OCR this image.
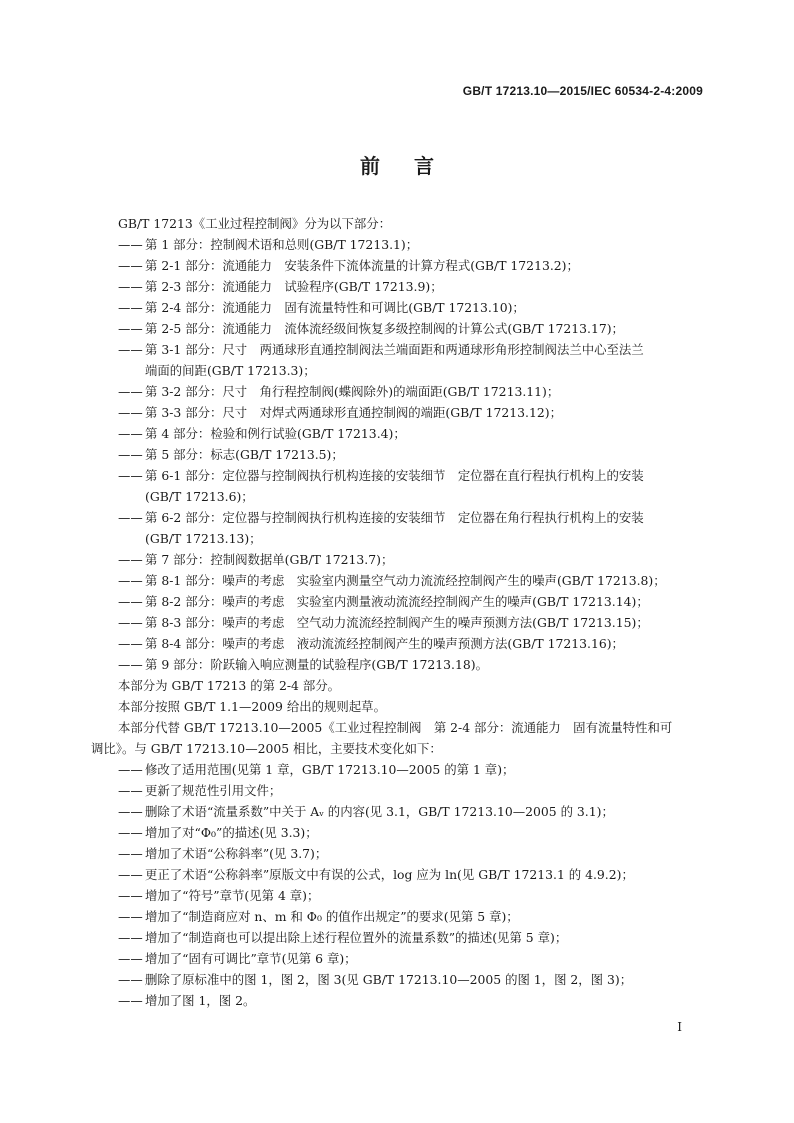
GB/T 17213.10—2015/IEC 60534-2-4:2009
前言

GB/T 17213《工业过程控制阀》分为以下部分：

—— 第 1 部分：控制阀术语和总则(GB/T 17213.1)；

—— 第 2-1 部分：流通能力　安装条件下流体流量的计算方程式(GB/T 17213.2)；

—— 第 2-3 部分：流通能力　试验程序(GB/T 17213.9)；

—— 第 2-4 部分：流通能力　固有流量特性和可调比(GB/T 17213.10)；

—— 第 2-5 部分：流通能力　流体流经级间恢复多级控制阀的计算公式(GB/T 17213.17)；

—— 第 3-1 部分：尺寸　两通球形直通控制阀法兰端面距和两通球形角形控制阀法兰中心至法兰

端面的间距(GB/T 17213.3)；

—— 第 3-2 部分：尺寸　角行程控制阀(蝶阀除外)的端面距(GB/T 17213.11)；

—— 第 3-3 部分：尺寸　对焊式两通球形直通控制阀的端距(GB/T 17213.12)；

—— 第 4 部分：检验和例行试验(GB/T 17213.4)；

—— 第 5 部分：标志(GB/T 17213.5)；

—— 第 6-1 部分：定位器与控制阀执行机构连接的安装细节　定位器在直行程执行机构上的安装

(GB/T 17213.6)；

—— 第 6-2 部分：定位器与控制阀执行机构连接的安装细节　定位器在角行程执行机构上的安装

(GB/T 17213.13)；

—— 第 7 部分：控制阀数据单(GB/T 17213.7)；

—— 第 8-1 部分：噪声的考虑　实验室内测量空气动力流流经控制阀产生的噪声(GB/T 17213.8)；

—— 第 8-2 部分：噪声的考虑　实验室内测量液动流流经控制阀产生的噪声(GB/T 17213.14)；

—— 第 8-3 部分：噪声的考虑　空气动力流流经控制阀产生的噪声预测方法(GB/T 17213.15)；

—— 第 8-4 部分：噪声的考虑　液动流流经控制阀产生的噪声预测方法(GB/T 17213.16)；

—— 第 9 部分：阶跃输入响应测量的试验程序(GB/T 17213.18)。

本部分为 GB/T 17213 的第 2-4 部分。

本部分按照 GB/T 1.1—2009 给出的规则起草。

本部分代替 GB/T 17213.10—2005《工业过程控制阀　第 2-4 部分：流通能力　固有流量特性和可

调比》。与 GB/T 17213.10—2005 相比，主要技术变化如下：

—— 修改了适用范围(见第 1 章，GB/T 17213.10—2005 的第 1 章)；

—— 更新了规范性引用文件；

—— 删除了术语“流量系数”中关于 Aᵥ 的内容(见 3.1，GB/T 17213.10—2005 的 3.1)；

—— 增加了对“Φ₀”的描述(见 3.3)；

—— 增加了术语“公称斜率”(见 3.7)；

—— 更正了术语“公称斜率”原版文中有误的公式，log 应为 ln(见 GB/T 17213.1 的 4.9.2)；

—— 增加了“符号”章节(见第 4 章)；

—— 增加了“制造商应对 n、m 和 Φ₀ 的值作出规定”的要求(见第 5 章)；

—— 增加了“制造商也可以提出除上述行程位置外的流量系数”的描述(见第 5 章)；

—— 增加了“固有可调比”章节(见第 6 章)；

—— 删除了原标准中的图 1，图 2，图 3(见 GB/T 17213.10—2005 的图 1，图 2，图 3)；

—— 增加了图 1，图 2。

I
